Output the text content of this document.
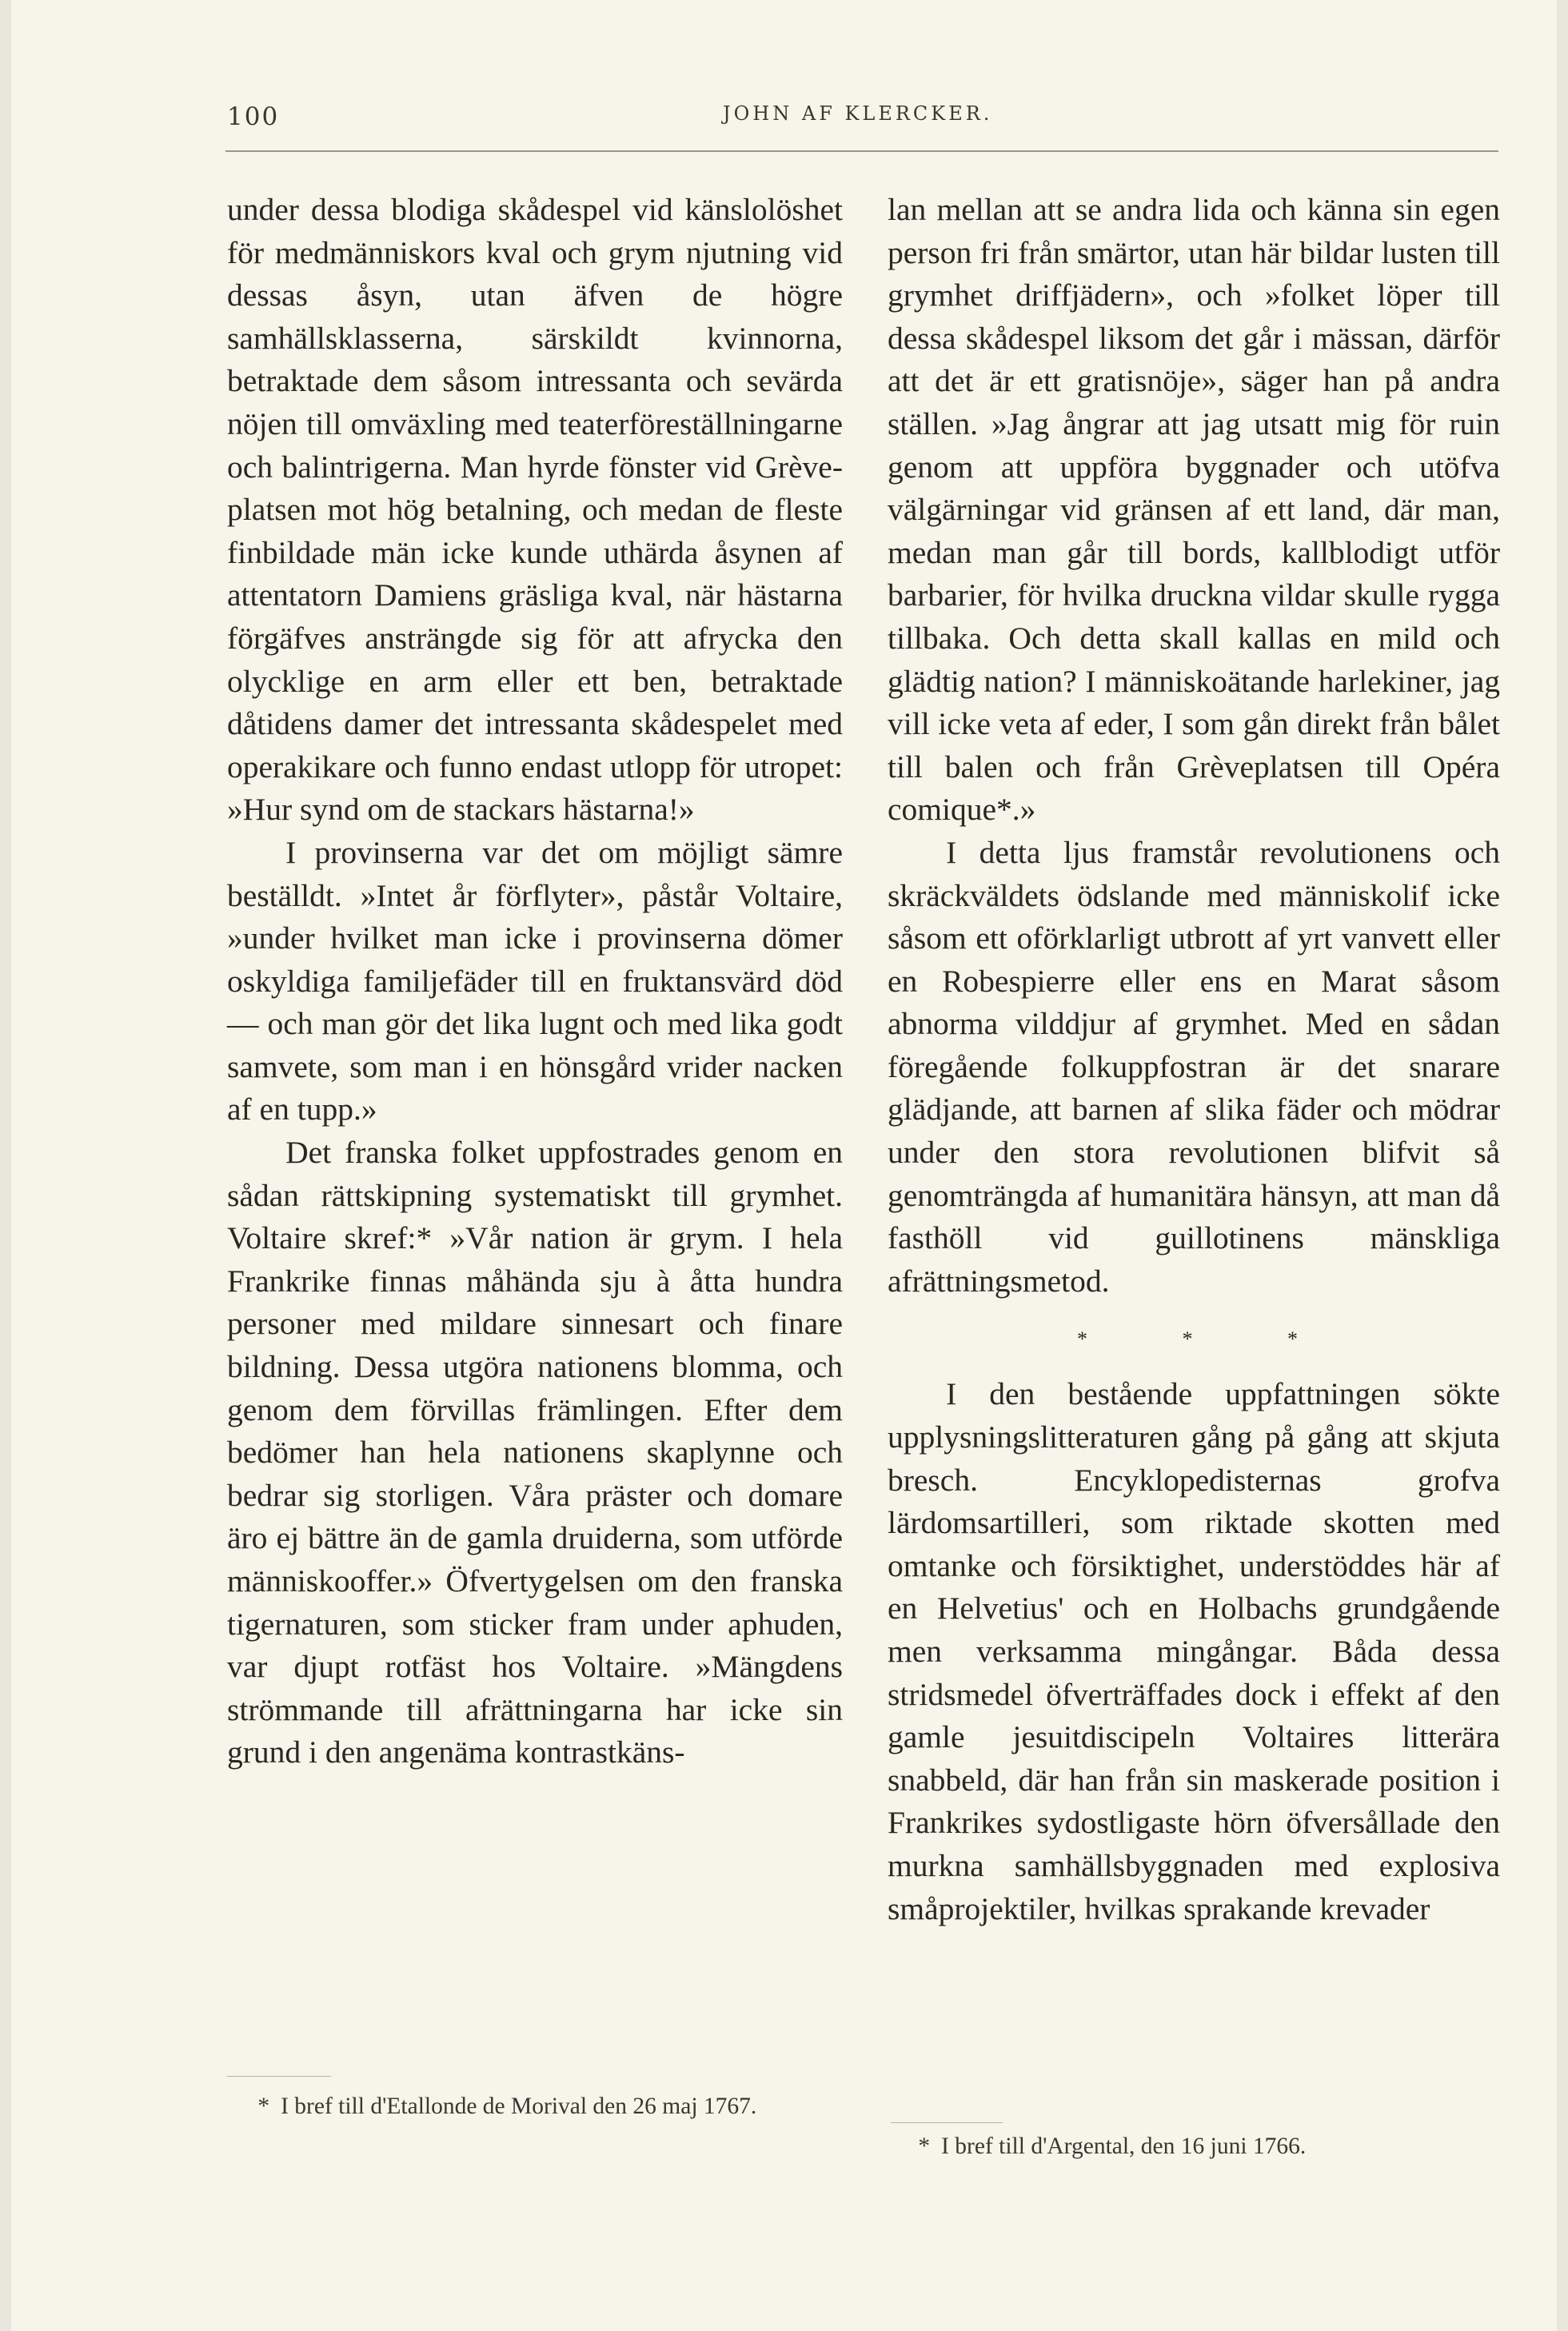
100	JOHN AF KLERCKER.

under dessa blodiga skådespel vid känslolöshet för medmänniskors kval och grym njutning vid dessas åsyn, utan äfven de högre samhällsklasserna, särskildt kvinnorna, betraktade dem såsom intressanta och sevärda nöjen till omväxling med teaterföreställningarne och balintrigerna. Man hyrde fönster vid Grève-platsen mot hög betalning, och medan de fleste finbildade män icke kunde uthärda åsynen af attentatorn Damiens gräsliga kval, när hästarna förgäfves ansträngde sig för att afrycka den olycklige en arm eller ett ben, betraktade dåtidens damer det intressanta skådespelet med operakikare och funno endast utlopp för utropet: »Hur synd om de stackars hästarna!»

I provinserna var det om möjligt sämre beställdt. »Intet år förflyter», påstår Voltaire, »under hvilket man icke i provinserna dömer oskyldiga familjefäder till en fruktansvärd död — och man gör det lika lugnt och med lika godt samvete, som man i en hönsgård vrider nacken af en tupp.»

Det franska folket uppfostrades genom en sådan rättskipning systematiskt till grymhet. Voltaire skref:* »Vår nation är grym. I hela Frankrike finnas måhända sju à åtta hundra personer med mildare sinnesart och finare bildning. Dessa utgöra nationens blomma, och genom dem förvillas främlingen. Efter dem bedömer han hela nationens skaplynne och bedrar sig storligen. Våra präster och domare äro ej bättre än de gamla druiderna, som utförde människooffer.» Öfvertygelsen om den franska tigernaturen, som sticker fram under aphuden, var djupt rotfäst hos Voltaire. »Mängdens strömmande till afrättningarna har icke sin grund i den angenäma kontrastkäns-

lan mellan att se andra lida och känna sin egen person fri från smärtor, utan här bildar lusten till grymhet driffjädern», och »folket löper till dessa skådespel liksom det går i mässan, därför att det är ett gratisnöje», säger han på andra ställen. »Jag ångrar att jag utsatt mig för ruin genom att uppföra byggnader och utöfva välgärningar vid gränsen af ett land, där man, medan man går till bords, kallblodigt utför barbarier, för hvilka druckna vildar skulle rygga tillbaka. Och detta skall kallas en mild och glädtig nation? I människoätande harlekiner, jag vill icke veta af eder, I som gån direkt från bålet till balen och från Grèveplatsen till Opéra comique*.»

I detta ljus framstår revolutionens och skräckväldets ödslande med människolif icke såsom ett oförklarligt utbrott af yrt vanvett eller en Robespierre eller ens en Marat såsom abnorma vilddjur af grymhet. Med en sådan föregående folkuppfostran är det snarare glädjande, att barnen af slika fäder och mödrar under den stora revolutionen blifvit så genomträngda af humanitära hänsyn, att man då fasthöll vid guillotinens mänskliga afrättningsmetod.

* * *

I den bestående uppfattningen sökte upplysningslitteraturen gång på gång att skjuta bresch. Encyklopedisternas grofva lärdomsartilleri, som riktade skotten med omtanke och försiktighet, understöddes här af en Helvetius' och en Holbachs grundgående men verksamma mingångar. Båda dessa stridsmedel öfverträffades dock i effekt af den gamle jesuitdiscipeln Voltaires litterära snabbeld, där han från sin maskerade position i Frankrikes sydostligaste hörn öfversållade den murkna samhällsbyggnaden med explosiva småprojektiler, hvilkas sprakande krevader

* I bref till d'Etallonde de Morival den 26 maj 1767.
* I bref till d'Argental, den 16 juni 1766.
